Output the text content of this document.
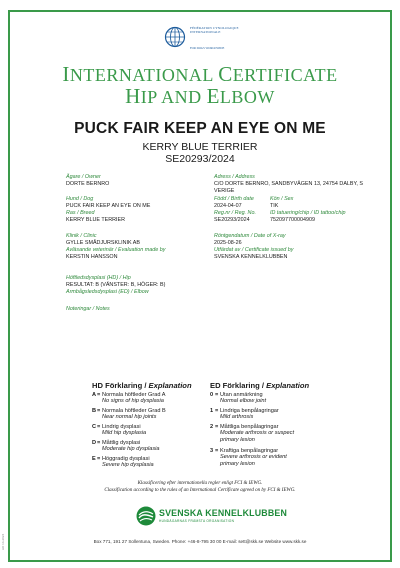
FÉDÉRATION CYNOLOGIQUE INTERNATIONALE
FOR DOGS WORLDWIDE
INTERNATIONAL CERTIFICATE
HIP AND ELBOW
PUCK FAIR KEEP AN EYE ON ME
KERRY BLUE TERRIER
SE20293/2024
Ägare / Owner
DORTE BERNRO
Hund / Dog
PUCK FAIR KEEP AN EYE ON ME
Ras / Breed
KERRY BLUE TERRIER
Klinik / Clinic
GYLLE SMÅDJURSKLINIK AB
Avläsande veterinär / Evaluation made by
KERSTIN HANSSON
Höftledsdysplasi (HD) / Hip
RESULTAT: B (VÄNSTER: B, HÖGER: B)
Armbågsledsdysplasi (ED) / Elbow
Noteringar / Notes
Adress / Address
C/O DORTE BERNRO, SANDBYVÄGEN 13, 24754 DALBY, S
VERIGE
Född / Birth date
2024-04-07
Kön / Sex
TIK
Reg.nr / Reg. No.
SE20293/2024
ID tatuering/chip / ID tattoo/chip
752097700004909
Röntgendatum / Date of X-ray
2025-08-26
Utfärdat av / Certificate issued by
SVENSKA KENNELKLUBBEN
HD Förklaring / Explanation
A = Normala höftleder Grad A
No signs of hip dysplasia
B = Normala höftleder Grad B
Near normal hip joints
C = Lindrig dysplasi
Mild hip dysplasia
D = Måttlig dysplasi
Moderate hip dysplasia
E = Höggradig dysplasi
Severe hip dysplasia
ED Förklaring / Explanation
0 = Utan anmärkning
Normal elbow joint
1 = Lindriga benpålagringar
Mild arthrosis
2 = Måttliga benpålagringar
Moderate arthrosis or suspect
primary lesion
3 = Kraftiga benpålagringar
Severe arthrosis or evident
primary lesion
Klassificering efter internationella regler enligt FCI & IEWG.
Classification according to the rules of an International Certificate agreed on by FCI & IEWG.
SVENSKA KENNELKLUBBEN
HUNDÄGARNAS FRÄMSTA ORGANISATION
Box 771, 191 27 Sollentuna, Sweden. Phone: +46-8-795 30 00 E-mail: sett@skk.se Website www.skk.se
HD 14-2024
